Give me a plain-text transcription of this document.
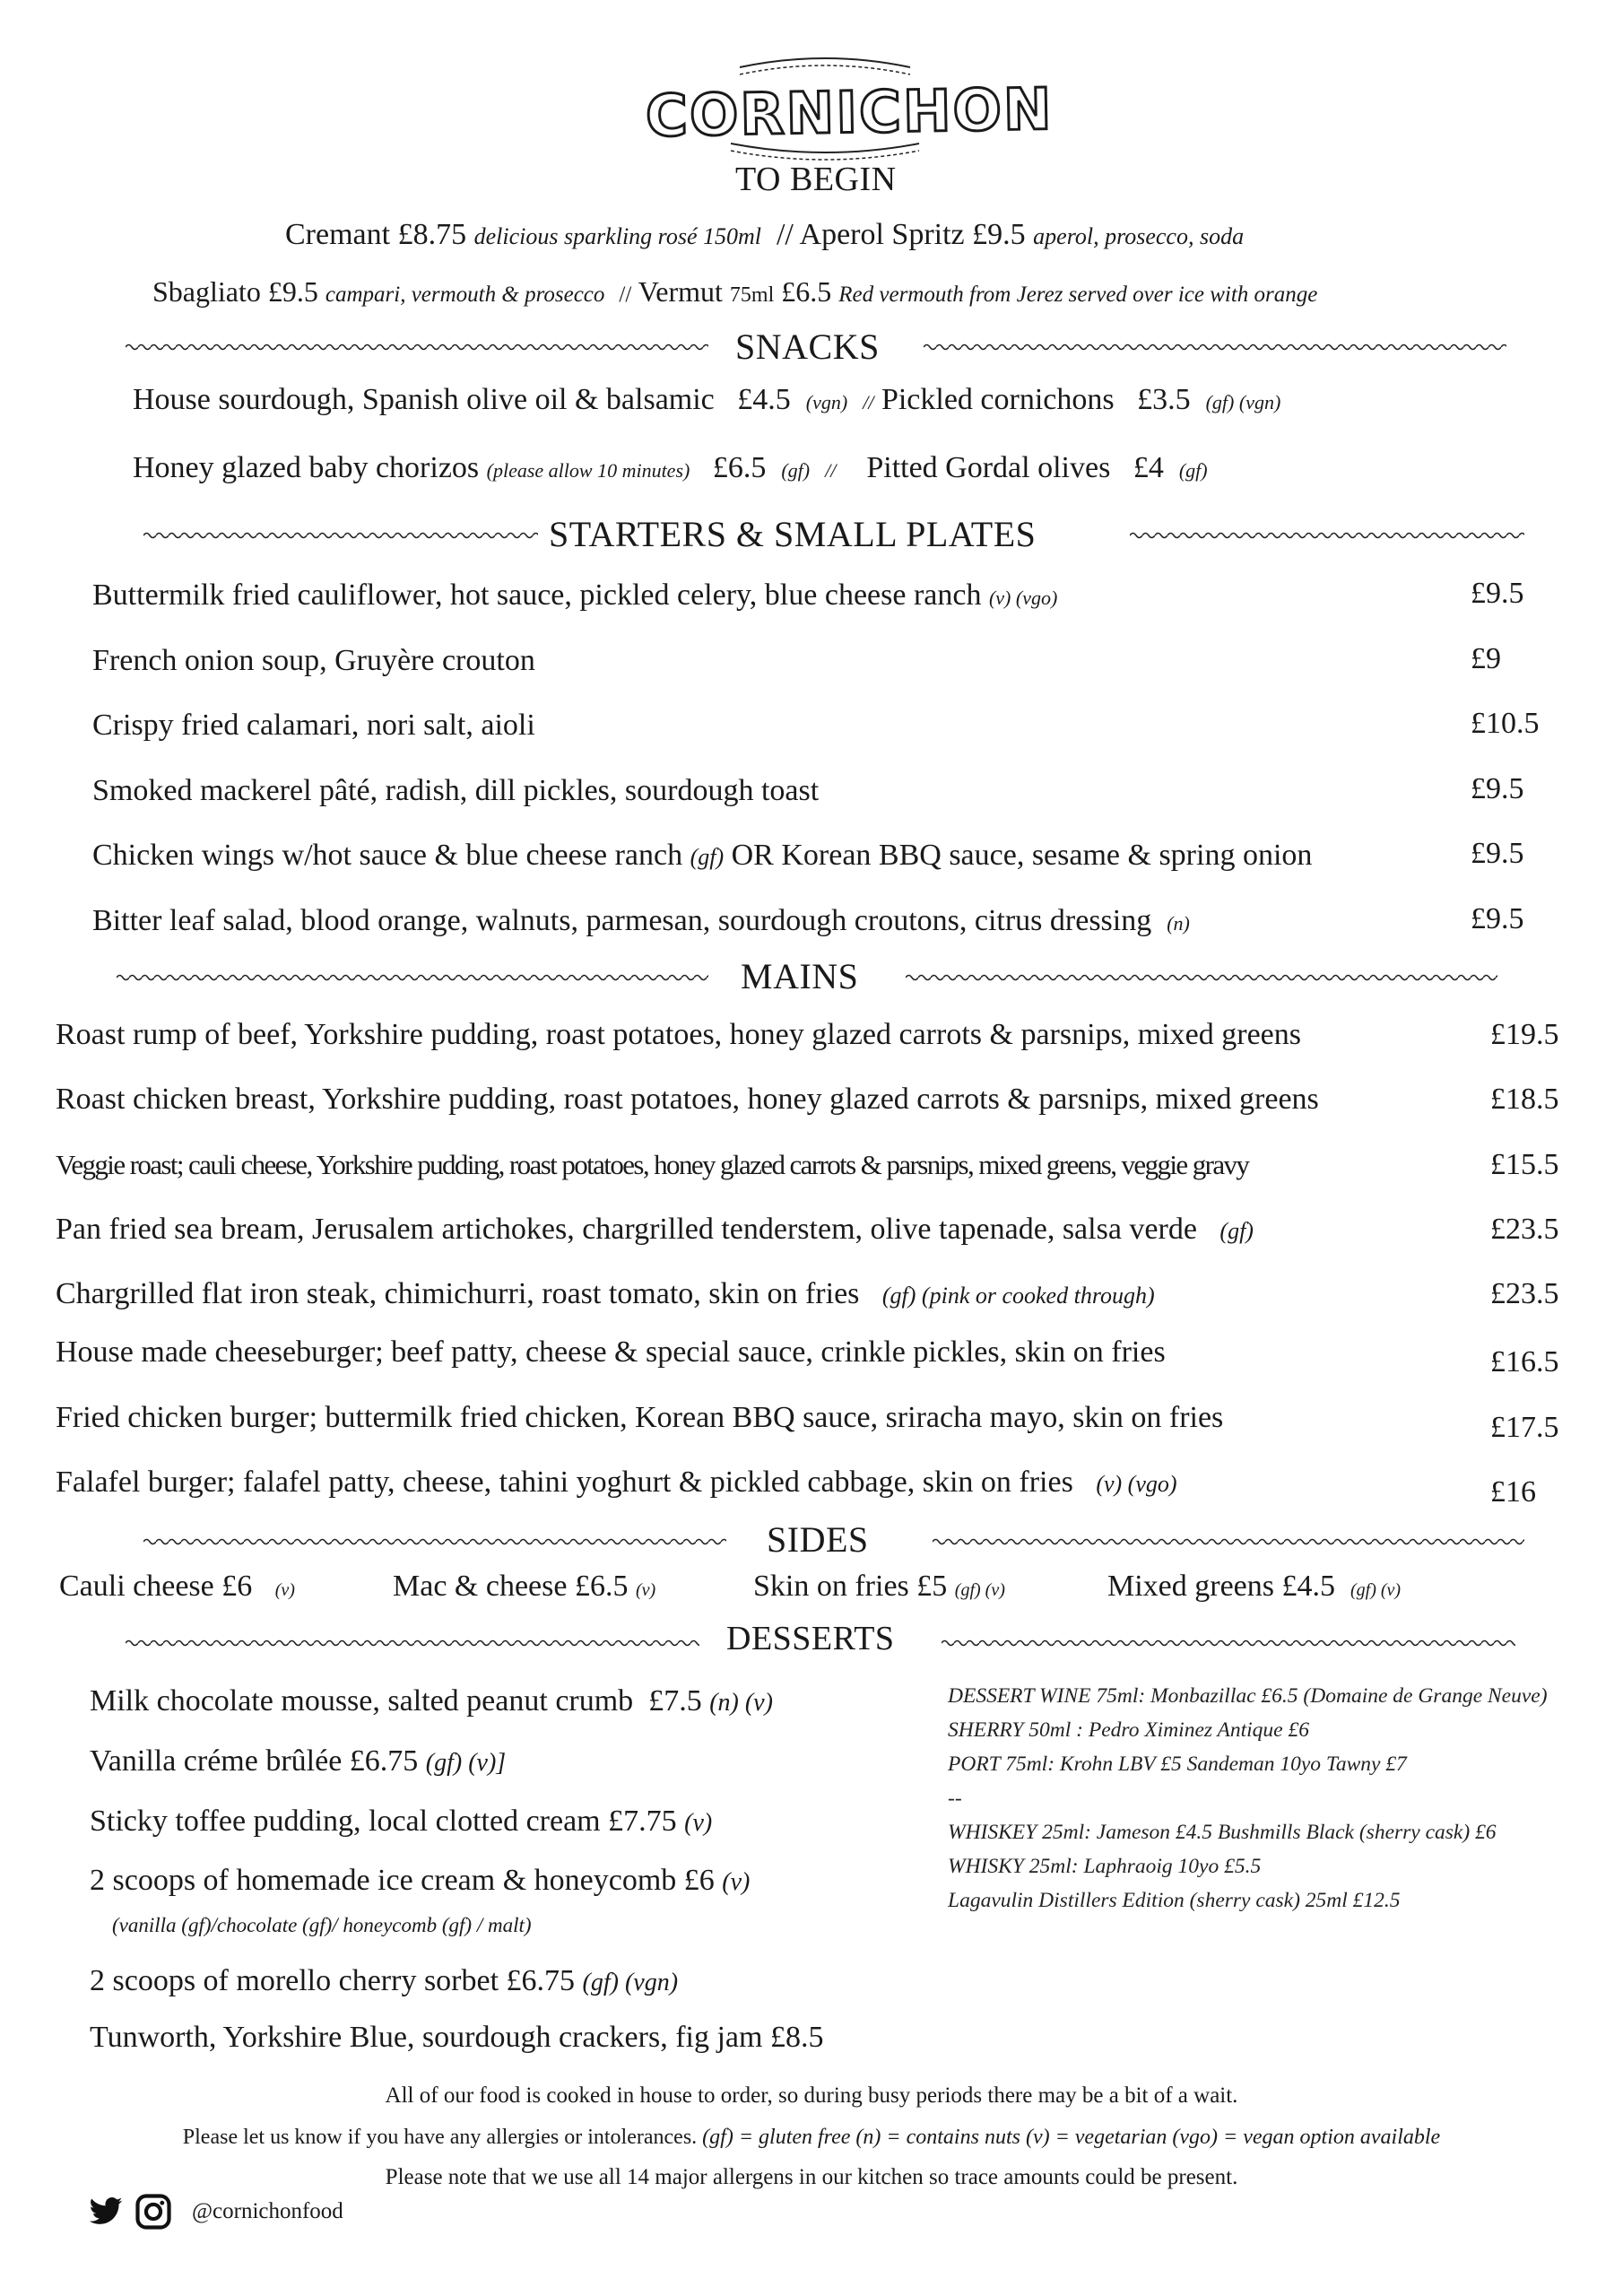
CORNICHON
TO BEGIN
Cremant £8.75 delicious sparkling rosé 150ml // Aperol Spritz £9.5 aperol, prosecco, soda
Sbagliato £9.5 campari, vermouth & prosecco // Vermut 75ml £6.5 Red vermouth from Jerez served over ice with orange
SNACKS
House sourdough, Spanish olive oil & balsamic £4.5 (vgn) // Pickled cornichons £3.5 (gf) (vgn)
Honey glazed baby chorizos (please allow 10 minutes) £6.5 (gf) // Pitted Gordal olives £4 (gf)
STARTERS & SMALL PLATES
Buttermilk fried cauliflower, hot sauce, pickled celery, blue cheese ranch (v) (vgo)	£9.5
French onion soup, Gruyère crouton	£9
Crispy fried calamari, nori salt, aioli	£10.5
Smoked mackerel pâté, radish, dill pickles, sourdough toast	£9.5
Chicken wings w/hot sauce & blue cheese ranch (gf) OR Korean BBQ sauce, sesame & spring onion	£9.5
Bitter leaf salad, blood orange, walnuts, parmesan, sourdough croutons, citrus dressing (n)	£9.5
MAINS
Roast rump of beef, Yorkshire pudding, roast potatoes, honey glazed carrots & parsnips, mixed greens	£19.5
Roast chicken breast, Yorkshire pudding, roast potatoes, honey glazed carrots & parsnips, mixed greens	£18.5
Veggie roast; cauli cheese, Yorkshire pudding, roast potatoes, honey glazed carrots & parsnips, mixed greens, veggie gravy	£15.5
Pan fried sea bream, Jerusalem artichokes, chargrilled tenderstem, olive tapenade, salsa verde (gf)	£23.5
Chargrilled flat iron steak, chimichurri, roast tomato, skin on fries (gf) (pink or cooked through)	£23.5
House made cheeseburger; beef patty, cheese & special sauce, crinkle pickles, skin on fries	£16.5
Fried chicken burger; buttermilk fried chicken, Korean BBQ sauce, sriracha mayo, skin on fries	£17.5
Falafel burger; falafel patty, cheese, tahini yoghurt & pickled cabbage, skin on fries (v) (vgo)	£16
SIDES
Cauli cheese £6 (v)	Mac & cheese £6.5 (v)	Skin on fries £5 (gf) (v)	Mixed greens £4.5 (gf) (v)
DESSERTS
Milk chocolate mousse, salted peanut crumb £7.5 (n) (v)
Vanilla créme brûlée £6.75 (gf) (v)]
Sticky toffee pudding, local clotted cream £7.75 (v)
2 scoops of homemade ice cream & honeycomb £6 (v)
(vanilla (gf)/chocolate (gf)/ honeycomb (gf) / malt)
2 scoops of morello cherry sorbet £6.75 (gf) (vgn)
Tunworth, Yorkshire Blue, sourdough crackers, fig jam £8.5
DESSERT WINE 75ml: Monbazillac £6.5 (Domaine de Grange Neuve)
SHERRY 50ml : Pedro Ximinez Antique £6
PORT 75ml: Krohn LBV £5 Sandeman 10yo Tawny £7
--
WHISKEY 25ml: Jameson £4.5 Bushmills Black (sherry cask) £6
WHISKY 25ml: Laphraoig 10yo £5.5
Lagavulin Distillers Edition (sherry cask) 25ml £12.5
All of our food is cooked in house to order, so during busy periods there may be a bit of a wait.
Please let us know if you have any allergies or intolerances. (gf) = gluten free (n) = contains nuts (v) = vegetarian (vgo) = vegan option available
Please note that we use all 14 major allergens in our kitchen so trace amounts could be present.
@cornichonfood
